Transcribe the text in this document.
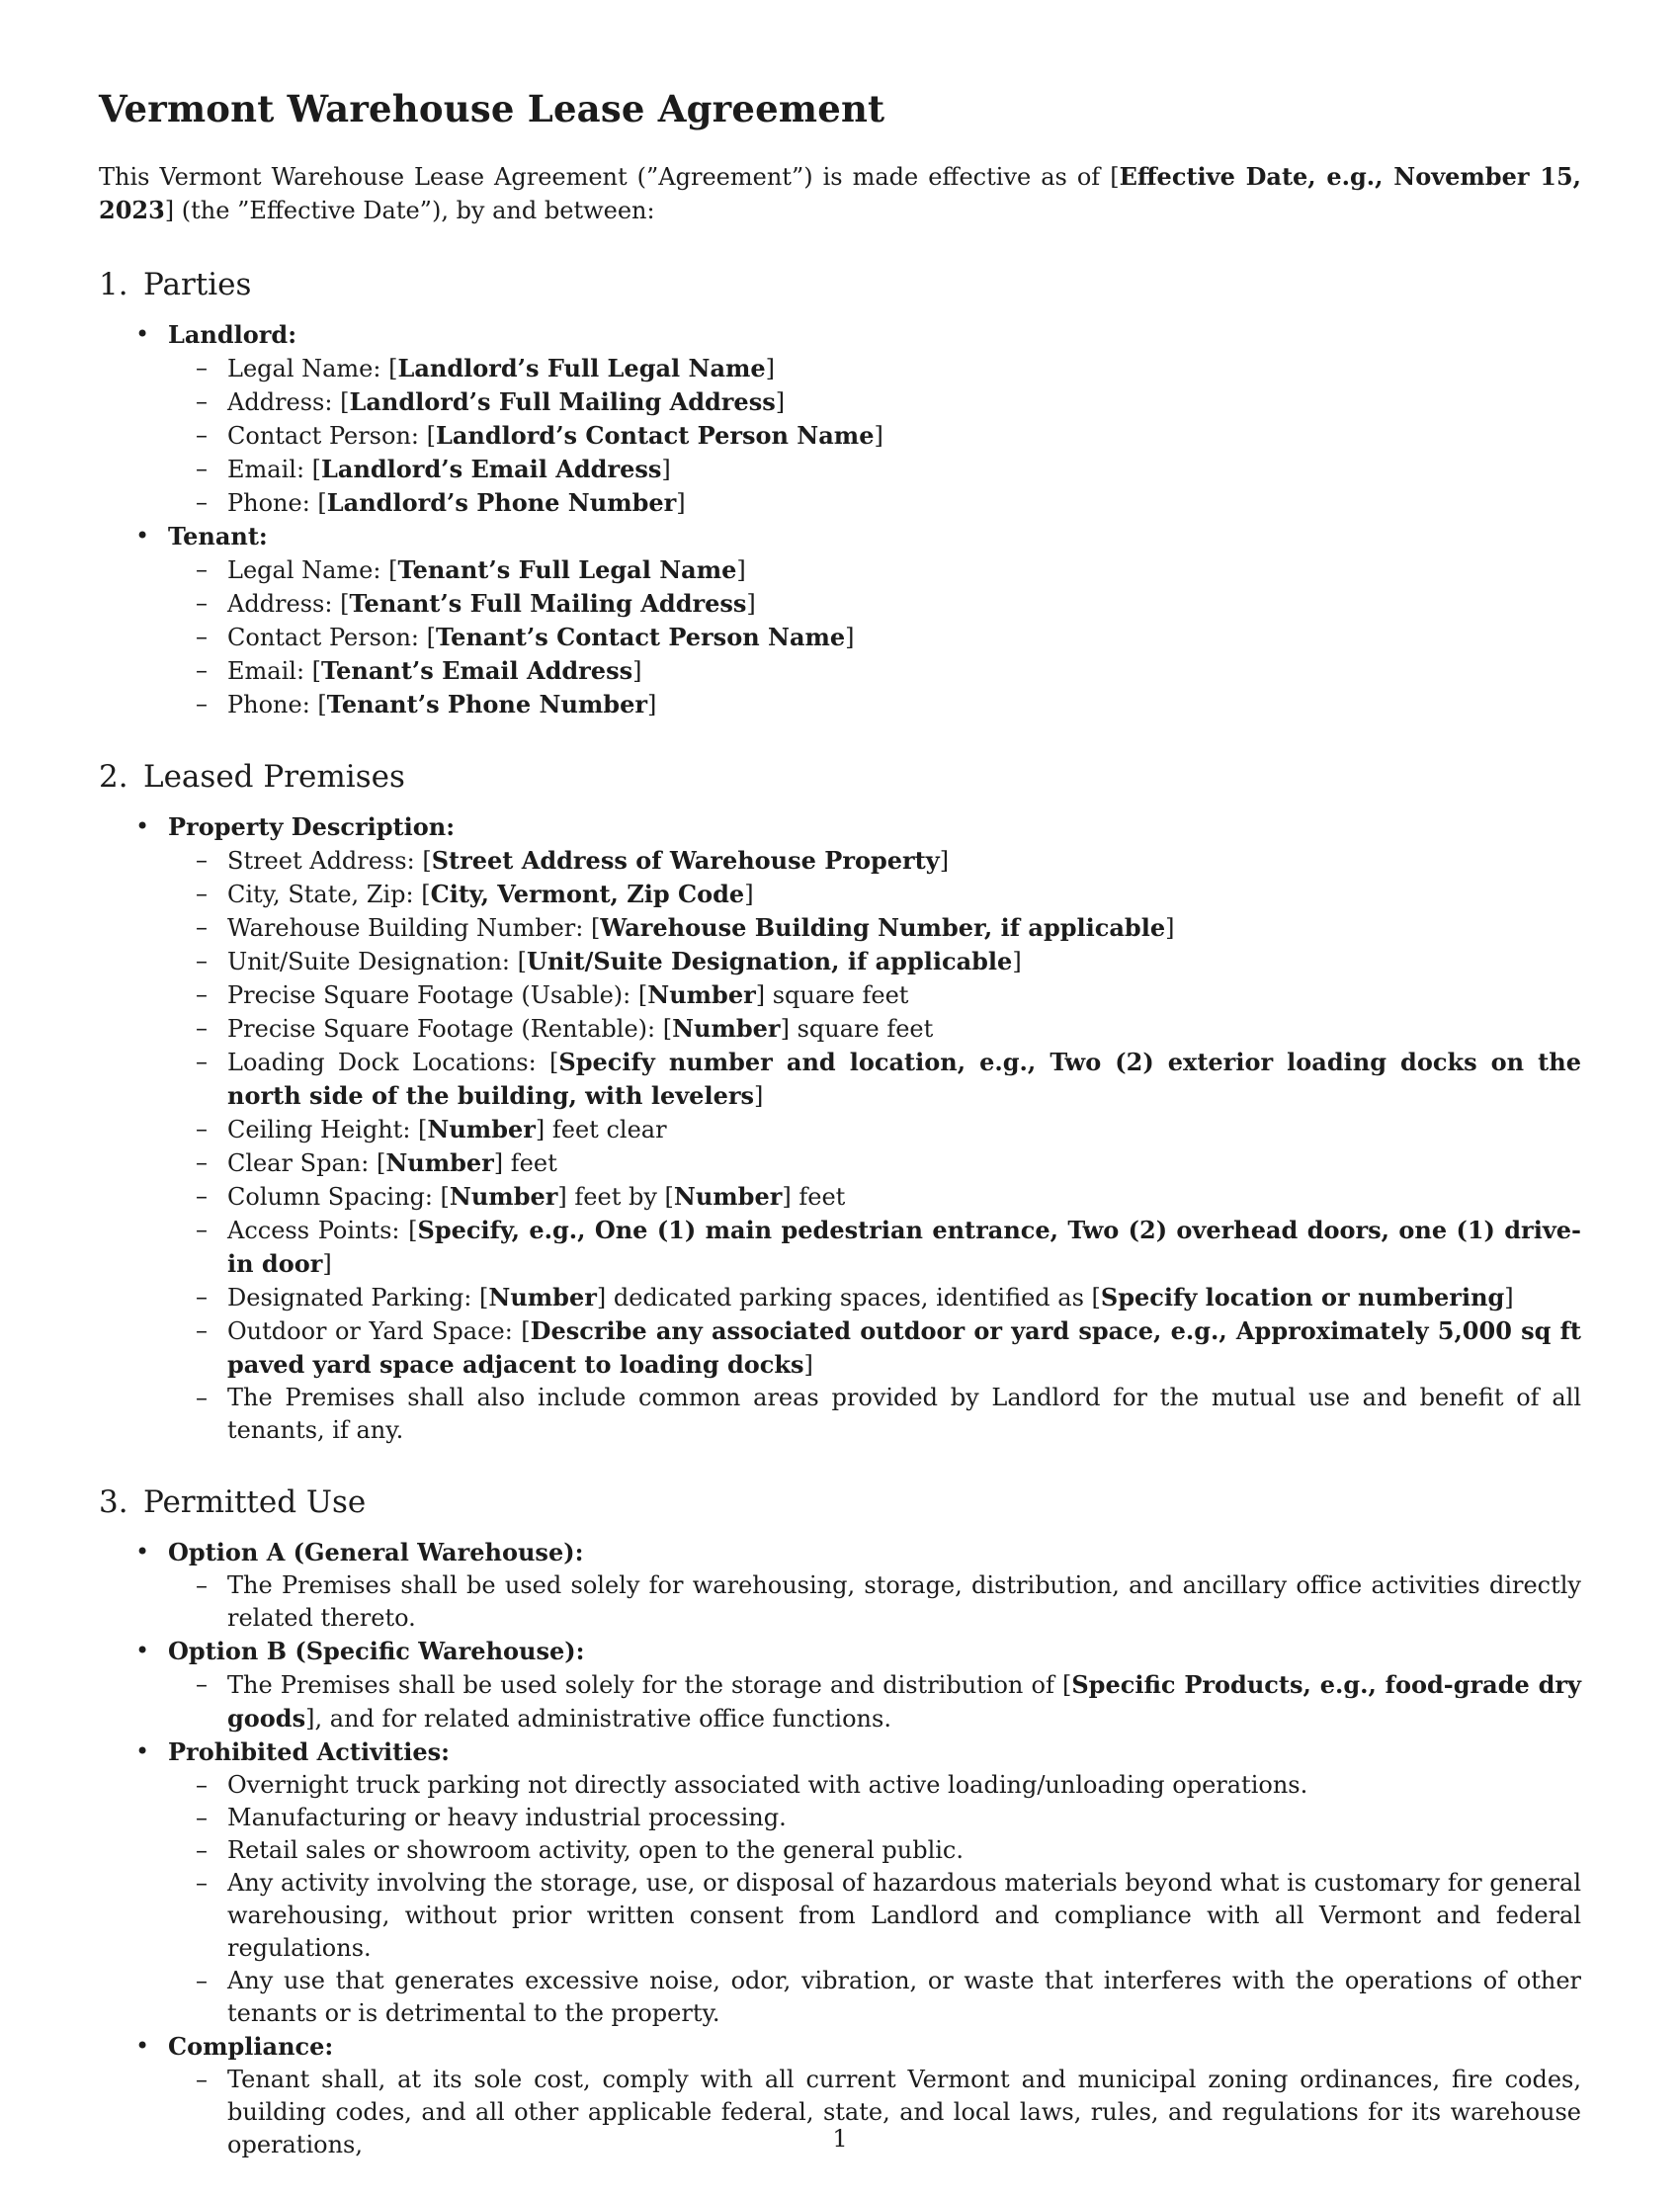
Vermont Warehouse Lease Agreement

This Vermont Warehouse Lease Agreement (”Agreement”) is made effective as of [Effective Date, e.g., November 15, 2023] (the ”Effective Date”), by and between:

1. Parties
• Landlord:
– Legal Name: [Landlord’s Full Legal Name]
– Address: [Landlord’s Full Mailing Address]
– Contact Person: [Landlord’s Contact Person Name]
– Email: [Landlord’s Email Address]
– Phone: [Landlord’s Phone Number]
• Tenant:
– Legal Name: [Tenant’s Full Legal Name]
– Address: [Tenant’s Full Mailing Address]
– Contact Person: [Tenant’s Contact Person Name]
– Email: [Tenant’s Email Address]
– Phone: [Tenant’s Phone Number]
2. Leased Premises
• Property Description:
– Street Address: [Street Address of Warehouse Property]
– City, State, Zip: [City, Vermont, Zip Code]
– Warehouse Building Number: [Warehouse Building Number, if applicable]
– Unit/Suite Designation: [Unit/Suite Designation, if applicable]
– Precise Square Footage (Usable): [Number] square feet
– Precise Square Footage (Rentable): [Number] square feet
– Loading Dock Locations: [Specify number and location, e.g., Two (2) exterior loading docks on the north side of the building, with levelers]
– Ceiling Height: [Number] feet clear
– Clear Span: [Number] feet
– Column Spacing: [Number] feet by [Number] feet
– Access Points: [Specify, e.g., One (1) main pedestrian entrance, Two (2) overhead doors, one (1) drive-in door]
– Designated Parking: [Number] dedicated parking spaces, identified as [Specify location or numbering]
– Outdoor or Yard Space: [Describe any associated outdoor or yard space, e.g., Approximately 5,000 sq ft paved yard space adjacent to loading docks]
– The Premises shall also include common areas provided by Landlord for the mutual use and benefit of all tenants, if any.
3. Permitted Use
• Option A (General Warehouse):
– The Premises shall be used solely for warehousing, storage, distribution, and ancillary office activities directly related thereto.
• Option B (Specific Warehouse):
– The Premises shall be used solely for the storage and distribution of [Specific Products, e.g., food-grade dry goods], and for related administrative office functions.
• Prohibited Activities:
– Overnight truck parking not directly associated with active loading/unloading operations.
– Manufacturing or heavy industrial processing.
– Retail sales or showroom activity, open to the general public.
– Any activity involving the storage, use, or disposal of hazardous materials beyond what is customary for general warehousing, without prior written consent from Landlord and compliance with all Vermont and federal regulations.
– Any use that generates excessive noise, odor, vibration, or waste that interferes with the operations of other tenants or is detrimental to the property.
• Compliance:
– Tenant shall, at its sole cost, comply with all current Vermont and municipal zoning ordinances, fire codes, building codes, and all other applicable federal, state, and local laws, rules, and regulations for its warehouse operations,	1
